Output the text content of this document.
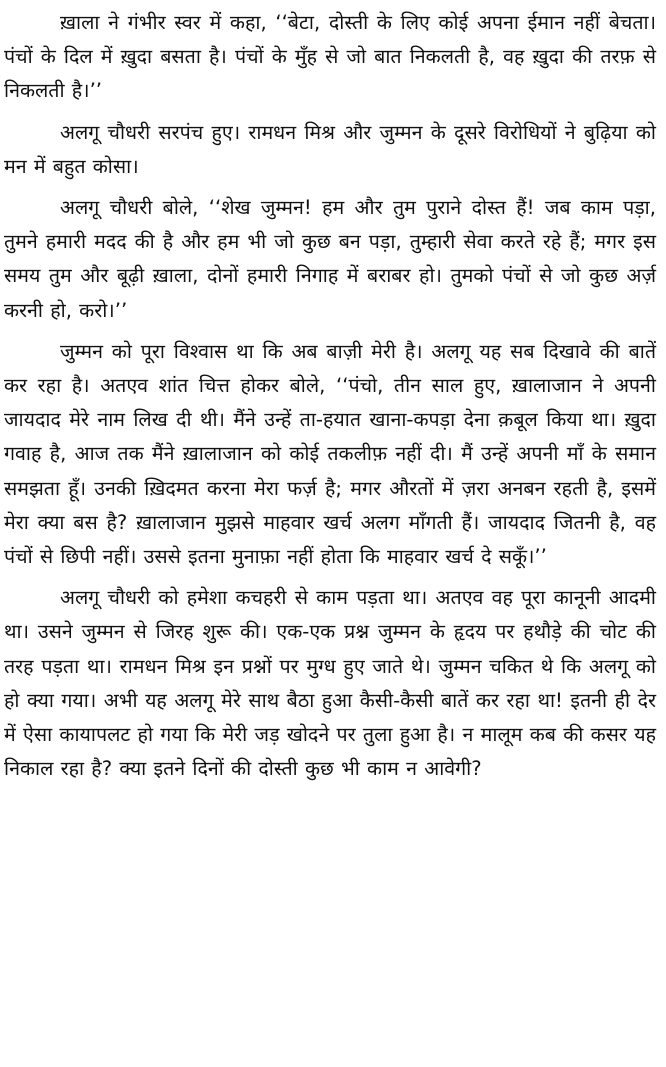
ख़ाला ने गंभीर स्वर में कहा, ‘‘बेटा, दोस्ती के लिए कोई अपना ईमान नहीं बेचता। पंचों के दिल में ख़ुदा बसता है। पंचों के मुँह से जो बात निकलती है, वह ख़ुदा की तरफ़ से निकलती है।’’

अलगू चौधरी सरपंच हुए। रामधन मिश्र और जुम्मन के दूसरे विरोधियों ने बुढ़िया को मन में बहुत कोसा।

अलगू चौधरी बोले, ‘‘शेख जुम्मन! हम और तुम पुराने दोस्त हैं! जब काम पड़ा, तुमने हमारी मदद की है और हम भी जो कुछ बन पड़ा, तुम्हारी सेवा करते रहे हैं; मगर इस समय तुम और बूढ़ी ख़ाला, दोनों हमारी निगाह में बराबर हो। तुमको पंचों से जो कुछ अर्ज़ करनी हो, करो।’’

जुम्मन को पूरा विश्वास था कि अब बाज़ी मेरी है। अलगू यह सब दिखावे की बातें कर रहा है। अतएव शांत चित्त होकर बोले, ‘‘पंचो, तीन साल हुए, ख़ालाजान ने अपनी जायदाद मेरे नाम लिख दी थी। मैंने उन्हें ता-हयात खाना-कपड़ा देना क़बूल किया था। ख़ुदा गवाह है, आज तक मैंने ख़ालाजान को कोई तकलीफ़ नहीं दी। मैं उन्हें अपनी माँ के समान समझता हूँ। उनकी ख़िदमत करना मेरा फर्ज़ है; मगर औरतों में ज़रा अनबन रहती है, इसमें मेरा क्या बस है? ख़ालाजान मुझसे माहवार खर्च अलग माँगती हैं। जायदाद जितनी है, वह पंचों से छिपी नहीं। उससे इतना मुनाफ़ा नहीं होता कि माहवार खर्च दे सकूँ।’’

अलगू चौधरी को हमेशा कचहरी से काम पड़ता था। अतएव वह पूरा कानूनी आदमी था। उसने जुम्मन से जिरह शुरू की। एक-एक प्रश्न जुम्मन के हृदय पर हथौड़े की चोट की तरह पड़ता था। रामधन मिश्र इन प्रश्नों पर मुग्ध हुए जाते थे। जुम्मन चकित थे कि अलगू को हो क्या गया। अभी यह अलगू मेरे साथ बैठा हुआ कैसी-कैसी बातें कर रहा था! इतनी ही देर में ऐसा कायापलट हो गया कि मेरी जड़ खोदने पर तुला हुआ है। न मालूम कब की कसर यह निकाल रहा है? क्या इतने दिनों की दोस्ती कुछ भी काम न आवेगी?
